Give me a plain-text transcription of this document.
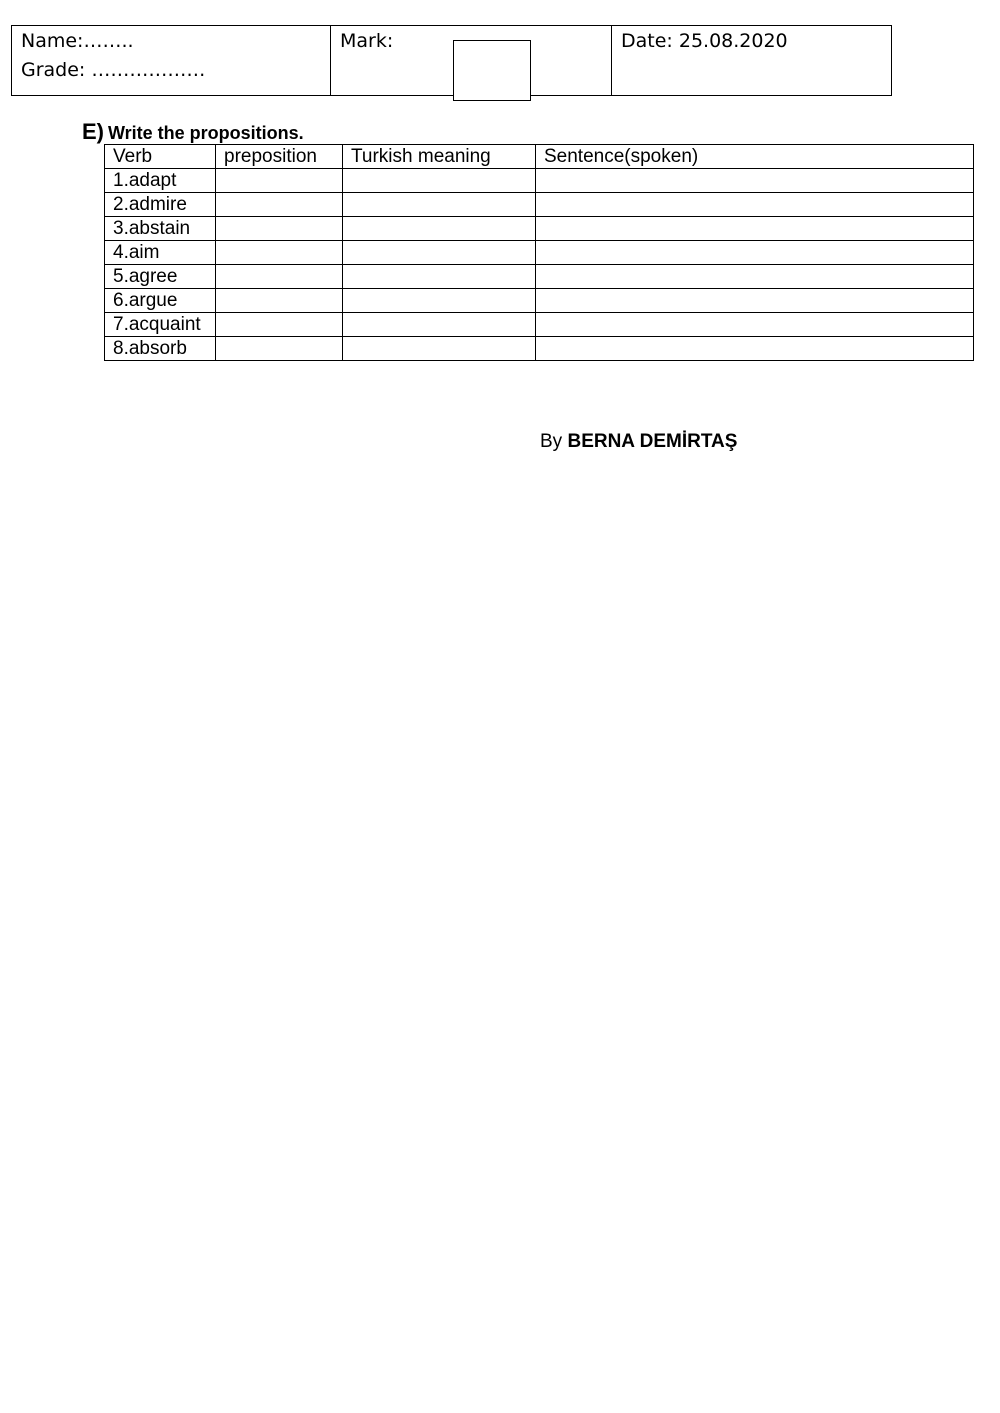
Name:……..
Grade: ………………
Mark:	Date: 25.08.2020
E) Write the propositions.
Verb	preposition	Turkish meaning	Sentence(spoken)
1.adapt			
2.admire			
3.abstain			
4.aim			
5.agree			
6.argue			
7.acquaint			
8.absorb			
By BERNA DEMİRTAŞ
